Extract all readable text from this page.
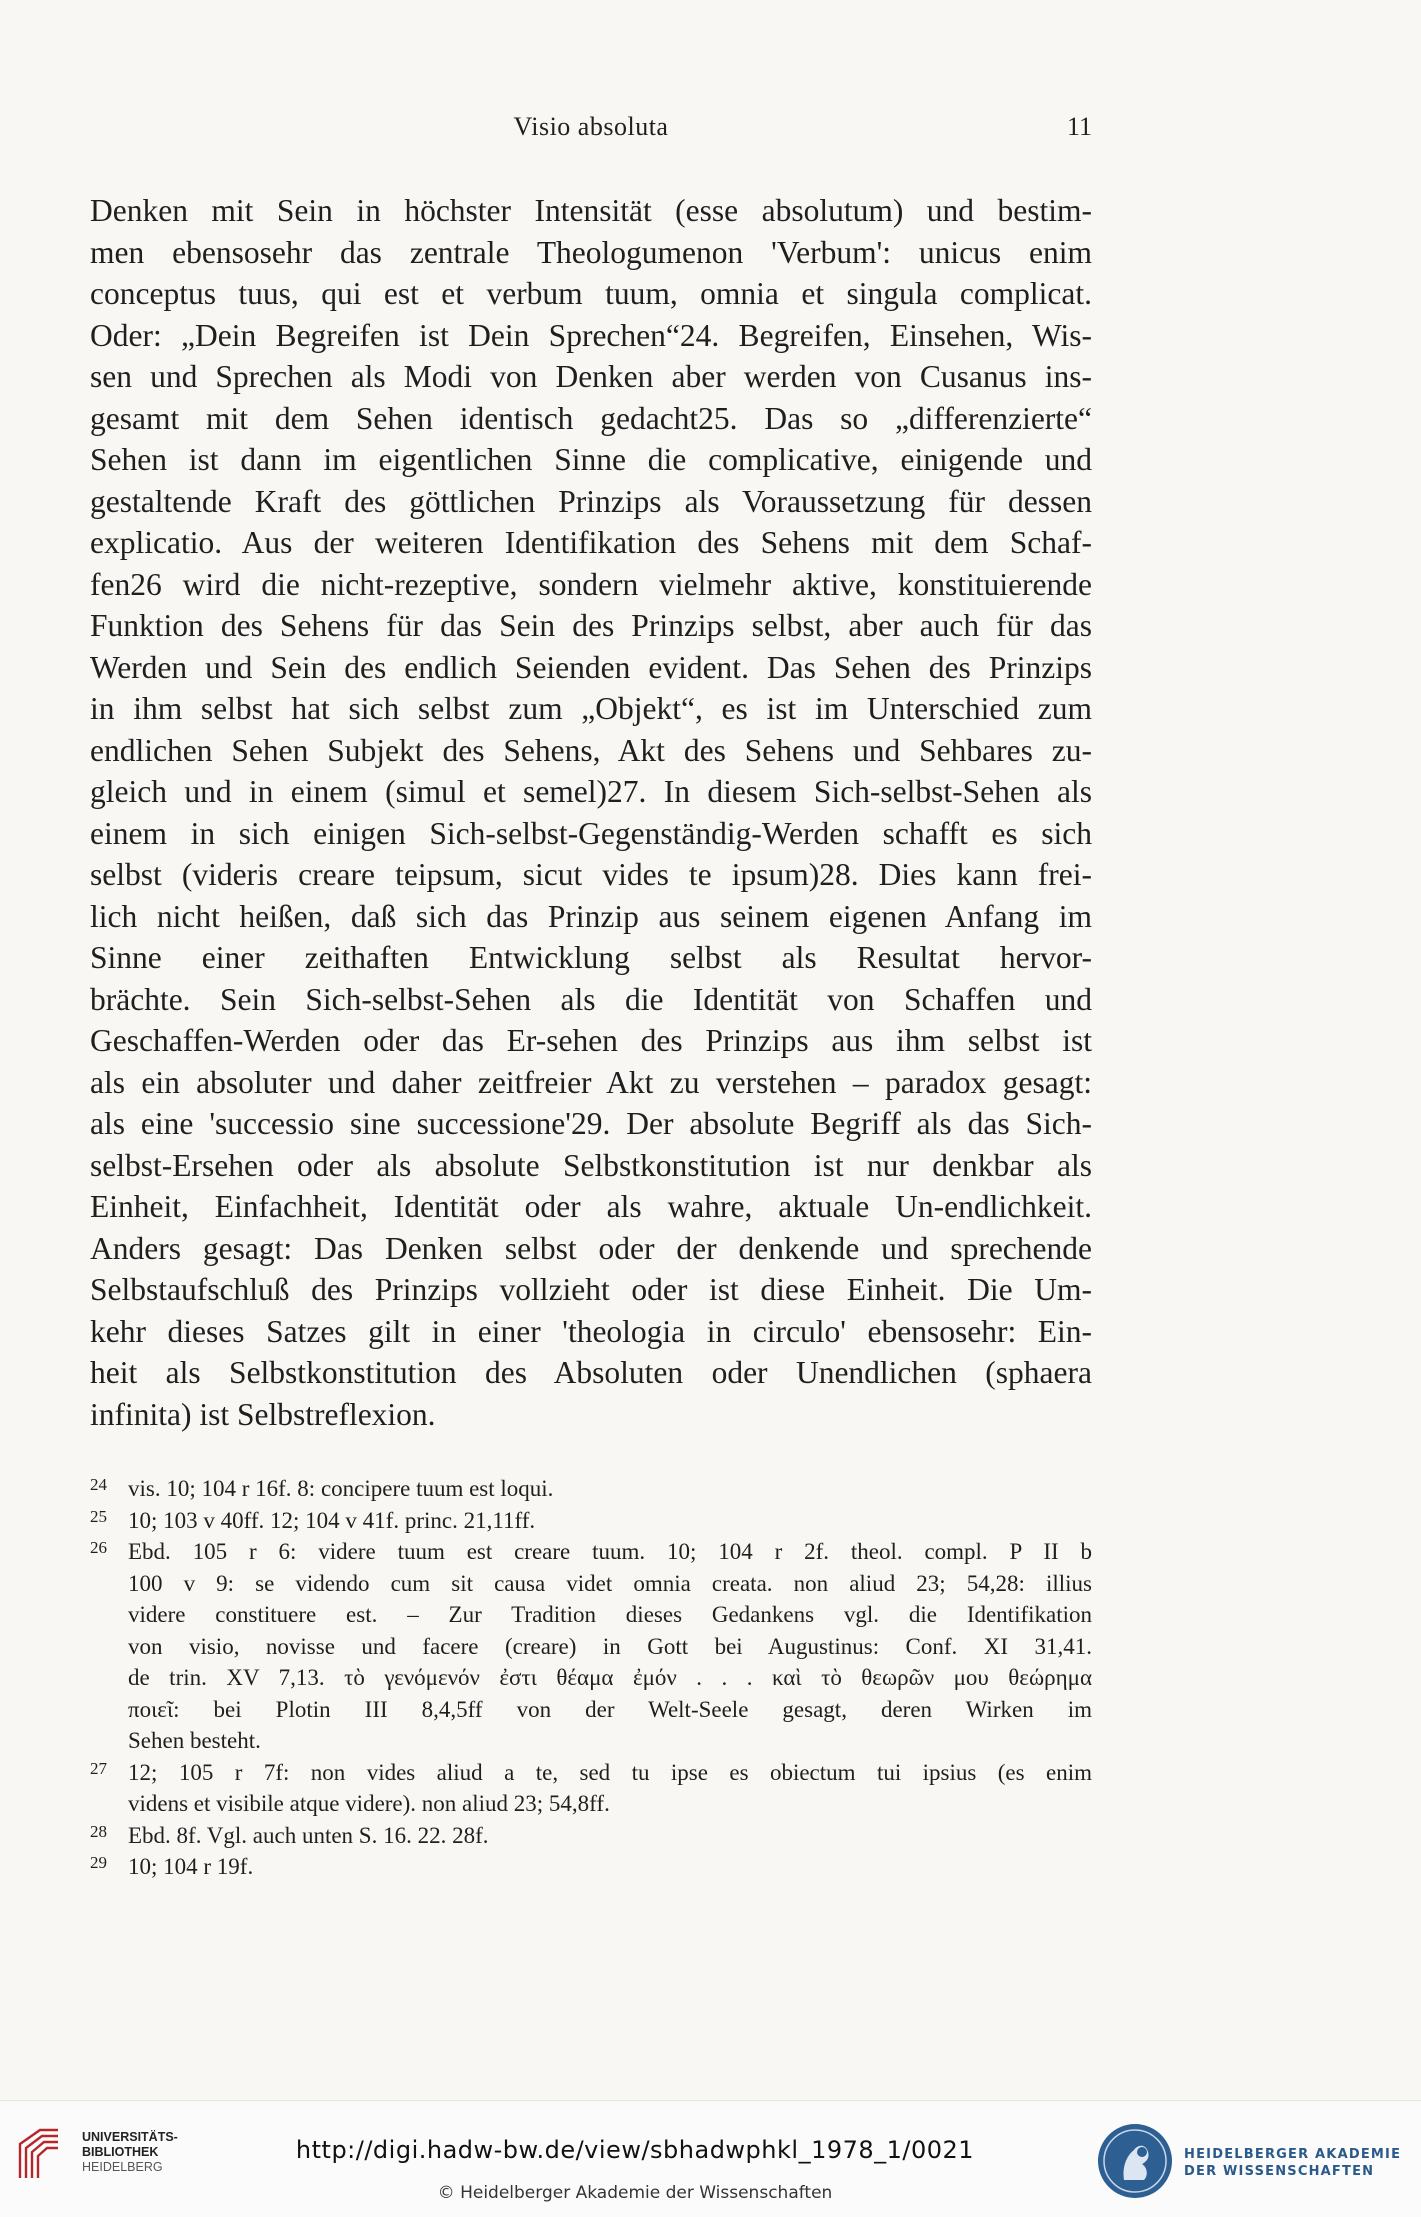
Visio absoluta	11
Denken mit Sein in höchster Intensität (esse absolutum) und bestim-
men ebensosehr das zentrale Theologumenon 'Verbum': unicus enim
conceptus tuus, qui est et verbum tuum, omnia et singula complicat.
Oder: „Dein Begreifen ist Dein Sprechen“24. Begreifen, Einsehen, Wis-
sen und Sprechen als Modi von Denken aber werden von Cusanus ins-
gesamt mit dem Sehen identisch gedacht25. Das so „differenzierte“
Sehen ist dann im eigentlichen Sinne die complicative, einigende und
gestaltende Kraft des göttlichen Prinzips als Voraussetzung für dessen
explicatio. Aus der weiteren Identifikation des Sehens mit dem Schaf-
fen26 wird die nicht-rezeptive, sondern vielmehr aktive, konstituierende
Funktion des Sehens für das Sein des Prinzips selbst, aber auch für das
Werden und Sein des endlich Seienden evident. Das Sehen des Prinzips
in ihm selbst hat sich selbst zum „Objekt“, es ist im Unterschied zum
endlichen Sehen Subjekt des Sehens, Akt des Sehens und Sehbares zu-
gleich und in einem (simul et semel)27. In diesem Sich-selbst-Sehen als
einem in sich einigen Sich-selbst-Gegenständig-Werden schafft es sich
selbst (videris creare teipsum, sicut vides te ipsum)28. Dies kann frei-
lich nicht heißen, daß sich das Prinzip aus seinem eigenen Anfang im
Sinne einer zeithaften Entwicklung selbst als Resultat hervor-
brächte. Sein Sich-selbst-Sehen als die Identität von Schaffen und
Geschaffen-Werden oder das Er-sehen des Prinzips aus ihm selbst ist
als ein absoluter und daher zeitfreier Akt zu verstehen – paradox gesagt:
als eine 'successio sine successione'29. Der absolute Begriff als das Sich-
selbst-Ersehen oder als absolute Selbstkonstitution ist nur denkbar als
Einheit, Einfachheit, Identität oder als wahre, aktuale Un-endlichkeit.
Anders gesagt: Das Denken selbst oder der denkende und sprechende
Selbstaufschluß des Prinzips vollzieht oder ist diese Einheit. Die Um-
kehr dieses Satzes gilt in einer 'theologia in circulo' ebensosehr: Ein-
heit als Selbstkonstitution des Absoluten oder Unendlichen (sphaera
infinita) ist Selbstreflexion.
24 vis. 10; 104 r 16f. 8: concipere tuum est loqui.
25 10; 103 v 40ff. 12; 104 v 41f. princ. 21,11ff.
26 Ebd. 105 r 6: videre tuum est creare tuum. 10; 104 r 2f. theol. compl. P II b
100 v 9: se videndo cum sit causa videt omnia creata. non aliud 23; 54,28: illius
videre constituere est. – Zur Tradition dieses Gedankens vgl. die Identifikation
von visio, novisse und facere (creare) in Gott bei Augustinus: Conf. XI 31,41.
de trin. XV 7,13. τὸ γενόμενόν ἐστι θέαμα ἐμόν . . . καὶ τὸ θεωρῶν μου θεώρημα
ποιεῖ: bei Plotin III 8,4,5ff von der Welt-Seele gesagt, deren Wirken im
Sehen besteht.
27 12; 105 r 7f: non vides aliud a te, sed tu ipse es obiectum tui ipsius (es enim
videns et visibile atque videre). non aliud 23; 54,8ff.
28 Ebd. 8f. Vgl. auch unten S. 16. 22. 28f.
29 10; 104 r 19f.
UNIVERSITÄTS-
BIBLIOTHEK
HEIDELBERG
http://digi.hadw-bw.de/view/sbhadwphkl_1978_1/0021
© Heidelberger Akademie der Wissenschaften
HEIDELBERGER AKADEMIE
DER WISSENSCHAFTEN
